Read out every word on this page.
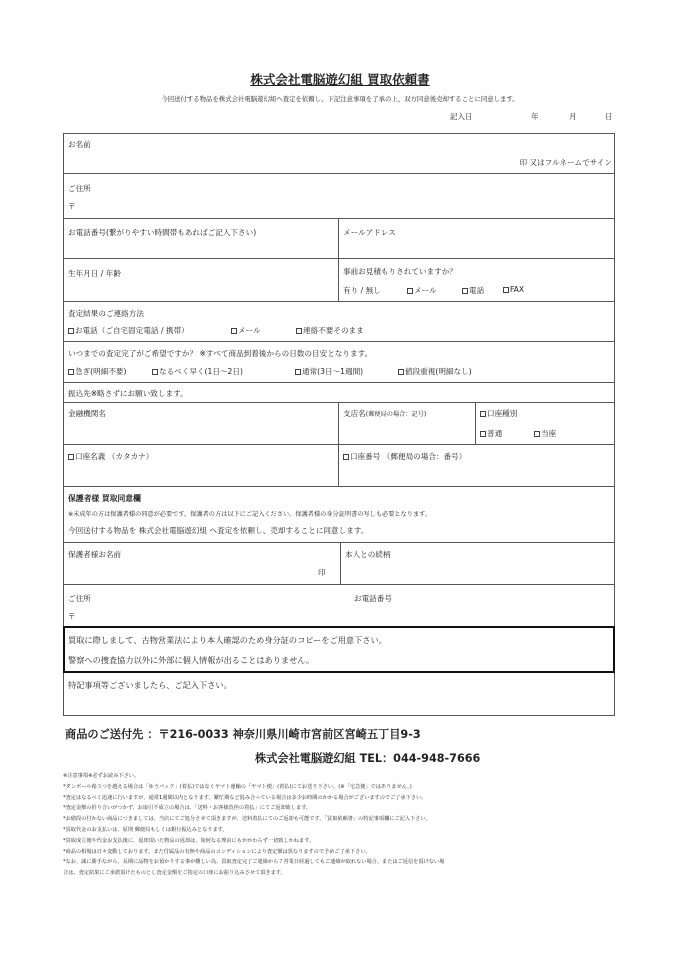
株式会社電脳遊幻組 買取依頼書
今回送付する物品を株式会社電脳遊幻組へ査定を依頼し、下記注意事項を了承の上、双方同意後売却することに同意します。
記入日	年	月	日
お名前
印 又はフルネームでサイン
ご住所
〒
お電話番号(繋がりやすい時間帯もあればご記入下さい)	メールアドレス
生年月日 / 年齢	事前お見積もりされていますか？
有り / 無し	メール	電話	FAX
査定結果のご連絡方法
お電話（ご自宅固定電話 / 携帯）	メール	連絡不要そのまま
いつまでの査定完了がご希望ですか？ ※すべて商品到着後からの日数の目安となります。
急ぎ(明細不要)	なるべく早く(1日～2日)	通常(3日～1週間)	値段重視(明細なし)
振込先※略さずにお願い致します。
金融機関名	支店名(郵便局の場合：記号)	口座種別
普通	当座
口座名義 （カタカナ）	口座番号 （郵便局の場合：番号）
保護者様 買取同意欄
※未成年の方は保護者様の同意が必要です。保護者の方は以下にご記入ください。保護者様の身分証明書の写しも必要となります。
今回送付する物品を 株式会社電脳遊幻組 へ査定を依頼し、売却することに同意します。
保護者様お名前
印
本人との続柄
ご住所	お電話番号
〒
買取に際しまして、古物営業法により本人確認のため身分証のコピーをご用意下さい。
警察への捜査協力以外に外部に個人情報が出ることはありません。
特記事項等ございましたら、ご記入下さい。
商品のご送付先 ：〒216-0033 神奈川県川崎市宮前区宮崎五丁目9-3
株式会社電脳遊幻組 TEL：044-948-7666
※注意事項※必ずお読み下さい。
*ダンボール箱３つを越える場合は「ゆうパック」(着払)ではなくヤマト運輸の「ヤマト便」(着払)にてお送り下さい。(※「宅急便」ではありません。)
*査定はなるべく迅速に行いますが、通常1週間以内となります。繁忙期など混み合っている場合は多少お時間のかかる場合がございますのでご了承下さい。
*査定金額の折り合いがつかず、お取引不成立の場合は、「送料・お客様負担の着払」にてご返却致します。
*お値段の付かない商品につきましては、当店にてご処分させて頂きますが、送料着払にてのご返却も可能です。「買取依頼書」の特記事項欄にご記入下さい。
*買取代金のお支払いは、原則 郵便局もしくは銀行振込みとなります。
*買取成立後や代金お支払後に、返却頂いた物品の返却は、如何なる理由にもかかわらず一切致しかねます。
*商品の相場は日々変動しております。また付属品の有無や商品のコンディションにより査定額は異なりますので予めご了承下さい。
*なお、誠に勝手ながら、長期に品物をお預かりする事が難しい為、買取査定完了ご連絡から７営業日経過してもご連絡が取れない場合、またはご返信を頂けない場
合は、査定結果にご承諾頂けたものとし査定金額をご指定の口座にお振り込みさせて頂きます。
